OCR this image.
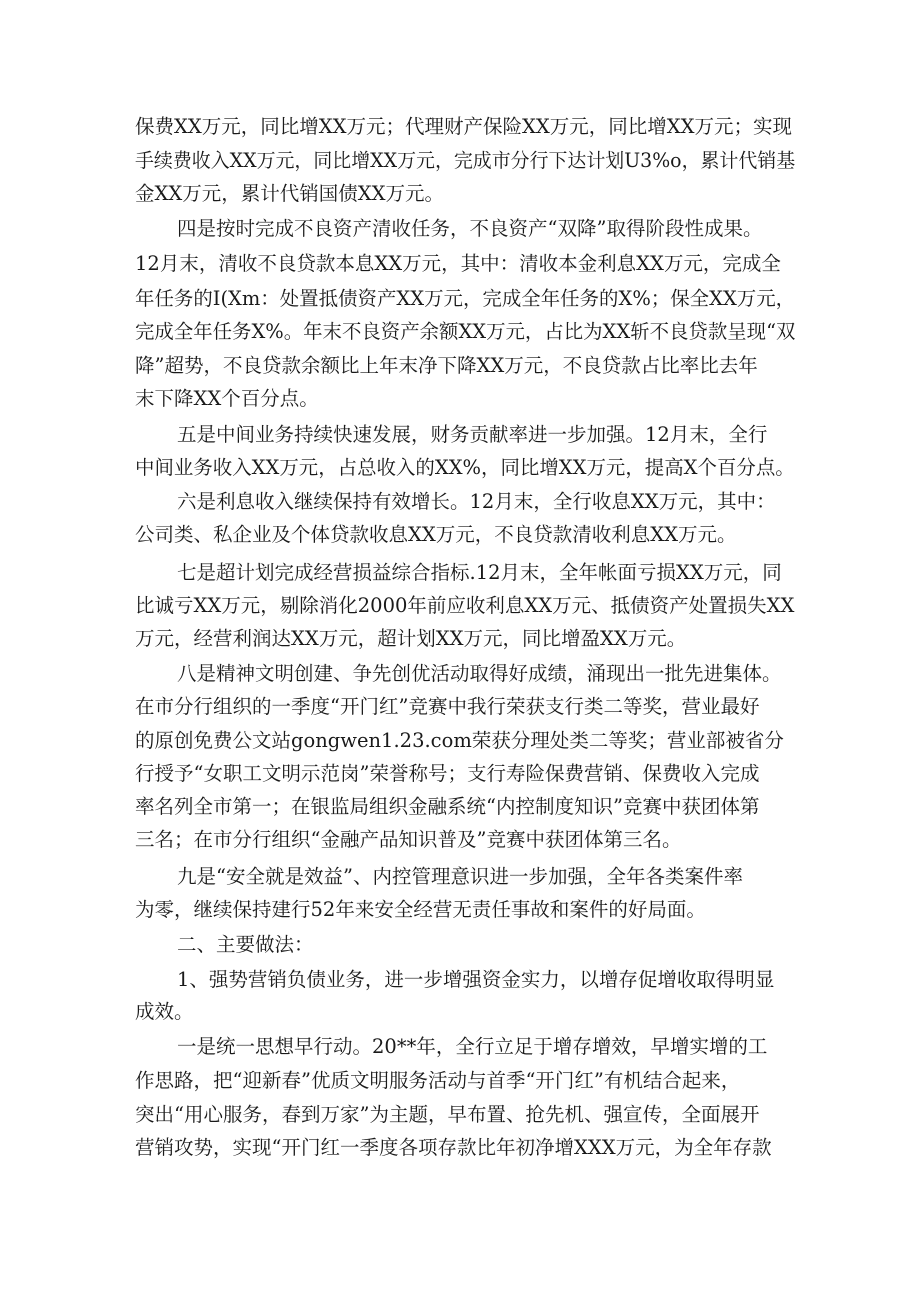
保费XX万元，同比增XX万元；代理财产保险XX万元，同比增XX万元；实现
手续费收入XX万元，同比增XX万元，完成市分行下达计划U3%o，累计代销基
金XX万元，累计代销国债XX万元。
四是按时完成不良资产清收任务，不良资产“双降”取得阶段性成果。
12月末，清收不良贷款本息XX万元，其中：清收本金利息XX万元，完成全
年任务的I(Xm：处置抵债资产XX万元，完成全年任务的X%；保全XX万元，
完成全年任务X%。年末不良资产余额XX万元，占比为XX斩不良贷款呈现“双
降”超势，不良贷款余额比上年末净下降XX万元，不良贷款占比率比去年
末下降XX个百分点。
五是中间业务持续快速发展，财务贡献率进一步加强。12月末，全行
中间业务收入XX万元，占总收入的XX%，同比增XX万元，提高X个百分点。
六是利息收入继续保持有效增长。12月末，全行收息XX万元，其中：
公司类、私企业及个体贷款收息XX万元，不良贷款清收利息XX万元。
七是超计划完成经营损益综合指标.12月末，全年帐面亏损XX万元，同
比诚亏XX万元，剔除消化2000年前应收利息XX万元、抵债资产处置损失XX
万元，经营利润达XX万元，超计划XX万元，同比增盈XX万元。
八是精神文明创建、争先创优活动取得好成绩，涌现出一批先进集体。
在市分行组织的一季度“开门红”竞赛中我行荣获支行类二等奖，营业最好
的原创免费公文站gongwen1.23.com荣获分理处类二等奖；营业部被省分
行授予“女职工文明示范岗”荣誉称号；支行寿险保费营销、保费收入完成
率名列全市第一；在银监局组织金融系统“内控制度知识”竞赛中获团体第
三名；在市分行组织“金融产品知识普及”竞赛中获团体第三名。
九是“安全就是效益”、内控管理意识进一步加强，全年各类案件率
为零，继续保持建行52年来安全经营无责任事故和案件的好局面。
二、主要做法：
1、强势营销负债业务，进一步增强资金实力，以增存促增收取得明显
成效。
一是统一思想早行动。20**年，全行立足于增存增效，早增实增的工
作思路，把“迎新春”优质文明服务活动与首季“开门红”有机结合起来，
突出“用心服务，春到万家”为主题，早布置、抢先机、强宣传，全面展开
营销攻势，实现“开门红一季度各项存款比年初净增XXX万元，为全年存款
